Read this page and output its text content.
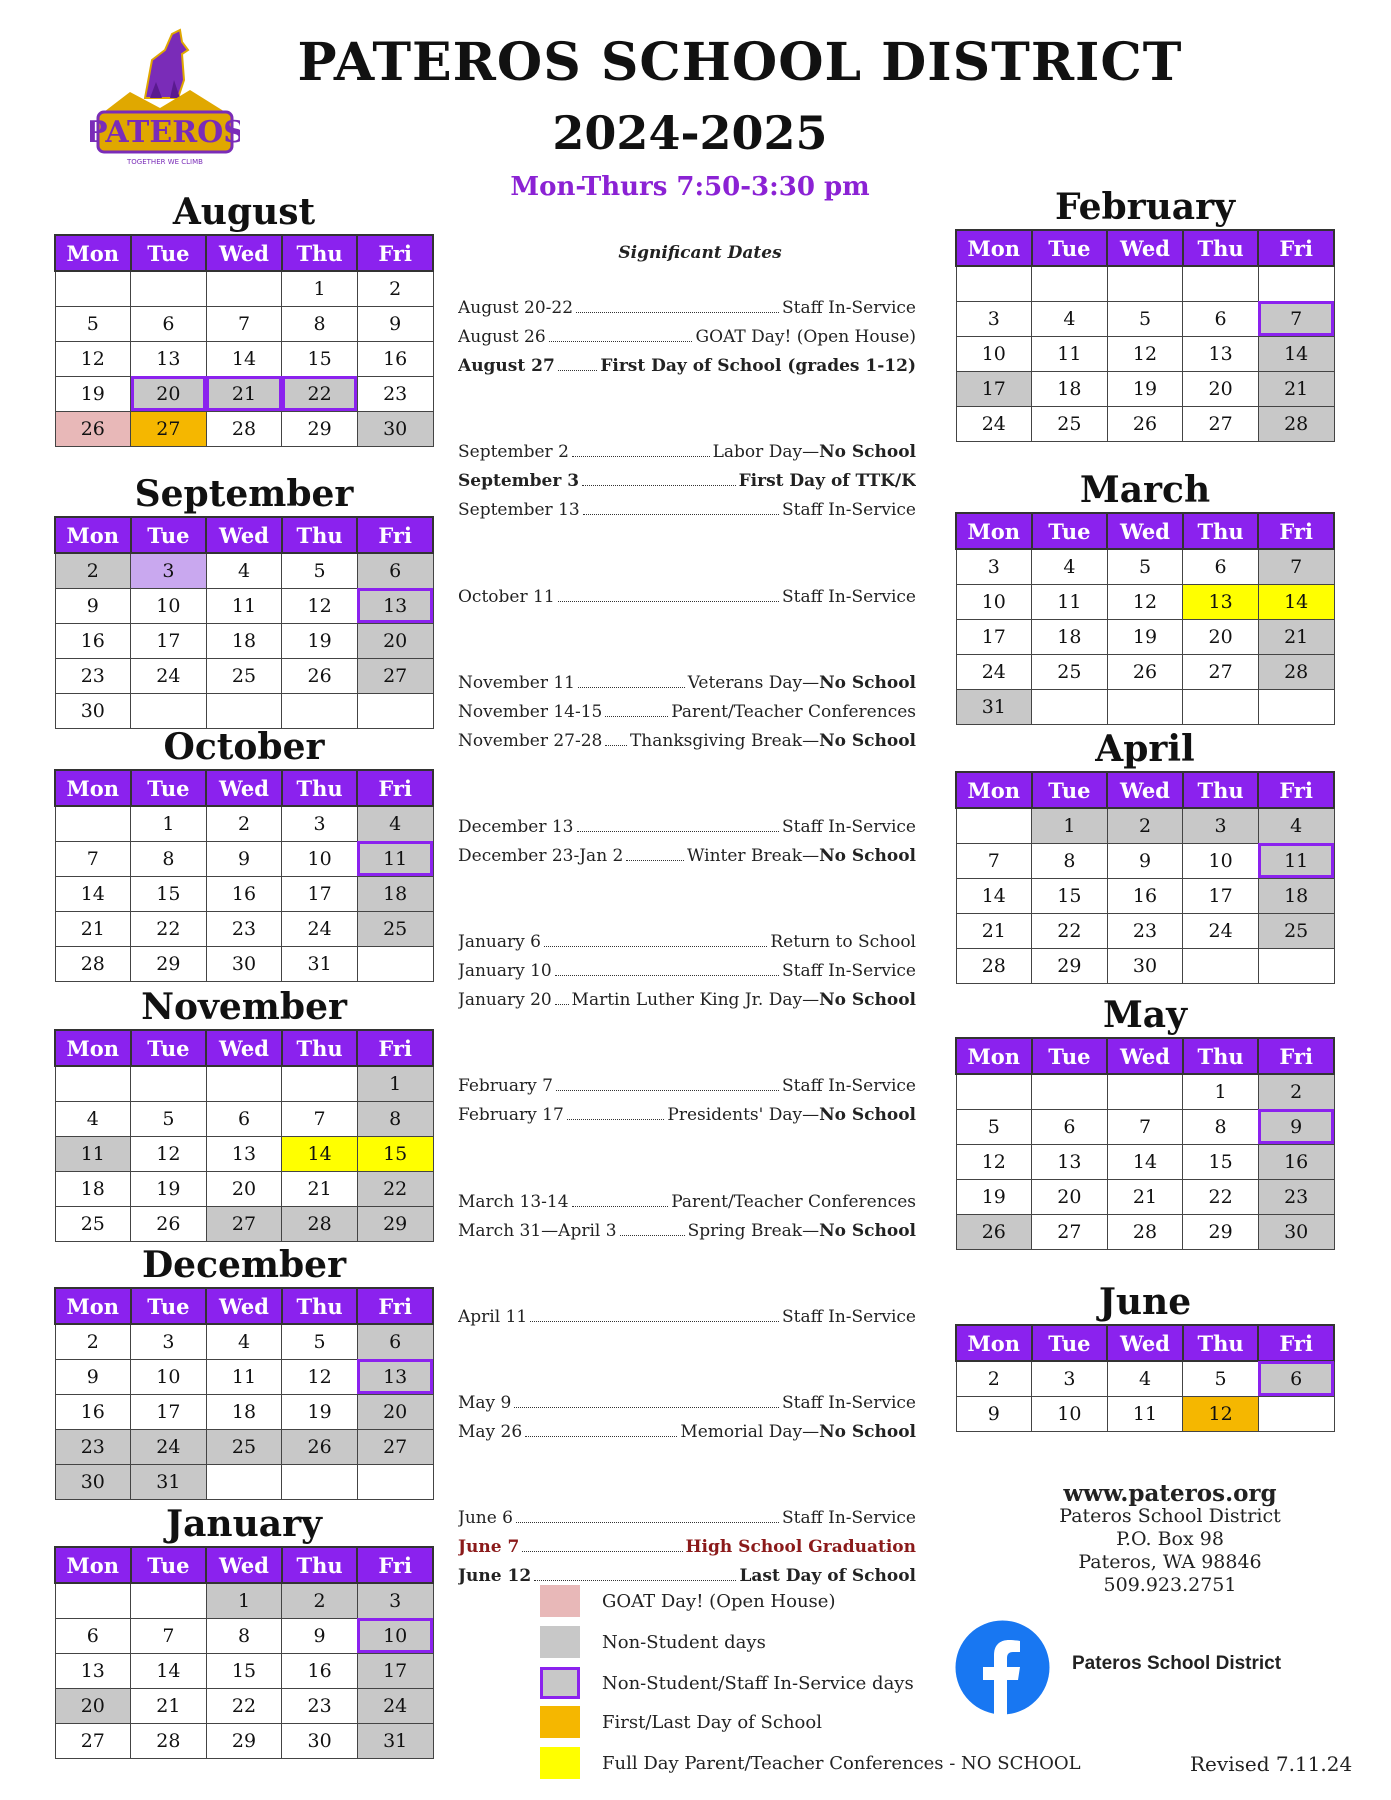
PATEROS
TOGETHER WE CLIMB
PATEROS SCHOOL DISTRICT
2024-2025
Mon-Thurs 7:50-3:30 pm
August
Mon	Tue	Wed	Thu	Fri
			1	2
5	6	7	8	9
12	13	14	15	16
19	20	21	22	23
26	27	28	29	30
September
Mon	Tue	Wed	Thu	Fri
2	3	4	5	6
9	10	11	12	13
16	17	18	19	20
23	24	25	26	27
30				
October
Mon	Tue	Wed	Thu	Fri
	1	2	3	4
7	8	9	10	11
14	15	16	17	18
21	22	23	24	25
28	29	30	31	
November
Mon	Tue	Wed	Thu	Fri
				1
4	5	6	7	8
11	12	13	14	15
18	19	20	21	22
25	26	27	28	29
December
Mon	Tue	Wed	Thu	Fri
2	3	4	5	6
9	10	11	12	13
16	17	18	19	20
23	24	25	26	27
30	31			
January
Mon	Tue	Wed	Thu	Fri
		1	2	3
6	7	8	9	10
13	14	15	16	17
20	21	22	23	24
27	28	29	30	31
February
Mon	Tue	Wed	Thu	Fri

3	4	5	6	7
10	11	12	13	14
17	18	19	20	21
24	25	26	27	28
March
Mon	Tue	Wed	Thu	Fri
3	4	5	6	7
10	11	12	13	14
17	18	19	20	21
24	25	26	27	28
31				
April
Mon	Tue	Wed	Thu	Fri
	1	2	3	4
7	8	9	10	11
14	15	16	17	18
21	22	23	24	25
28	29	30		
May
Mon	Tue	Wed	Thu	Fri
			1	2
5	6	7	8	9
12	13	14	15	16
19	20	21	22	23
26	27	28	29	30
June
Mon	Tue	Wed	Thu	Fri
2	3	4	5	6
9	10	11	12	
Significant Dates
August 20-22	Staff In-Service
August 26	GOAT Day! (Open House)
August 27	First Day of School (grades 1-12)
September 2	Labor Day—No School
September 3	First Day of TTK/K
September 13	Staff In-Service
October 11	Staff In-Service
November 11	Veterans Day—No School
November 14-15	Parent/Teacher Conferences
November 27-28 Thanksgiving Break—No School
December 13	Staff In-Service
December 23-Jan 2	Winter Break—No School
January 6	Return to School
January 10	Staff In-Service
January 20 Martin Luther King Jr. Day—No School
February 7	Staff In-Service
February 17	Presidents' Day—No School
March 13-14	Parent/Teacher Conferences
March 31—April 3	Spring Break—No School
April 11	Staff In-Service
May 9	Staff In-Service
May 26	Memorial Day—No School
June 6	Staff In-Service
June 7	High School Graduation
June 12	Last Day of School
GOAT Day! (Open House)
Non-Student days
Non-Student/Staff In-Service days
First/Last Day of School
Full Day Parent/Teacher Conferences - NO SCHOOL
www.pateros.org
Pateros School District
P.O. Box 98
Pateros, WA 98846
509.923.2751
Pateros School District
Revised 7.11.24
